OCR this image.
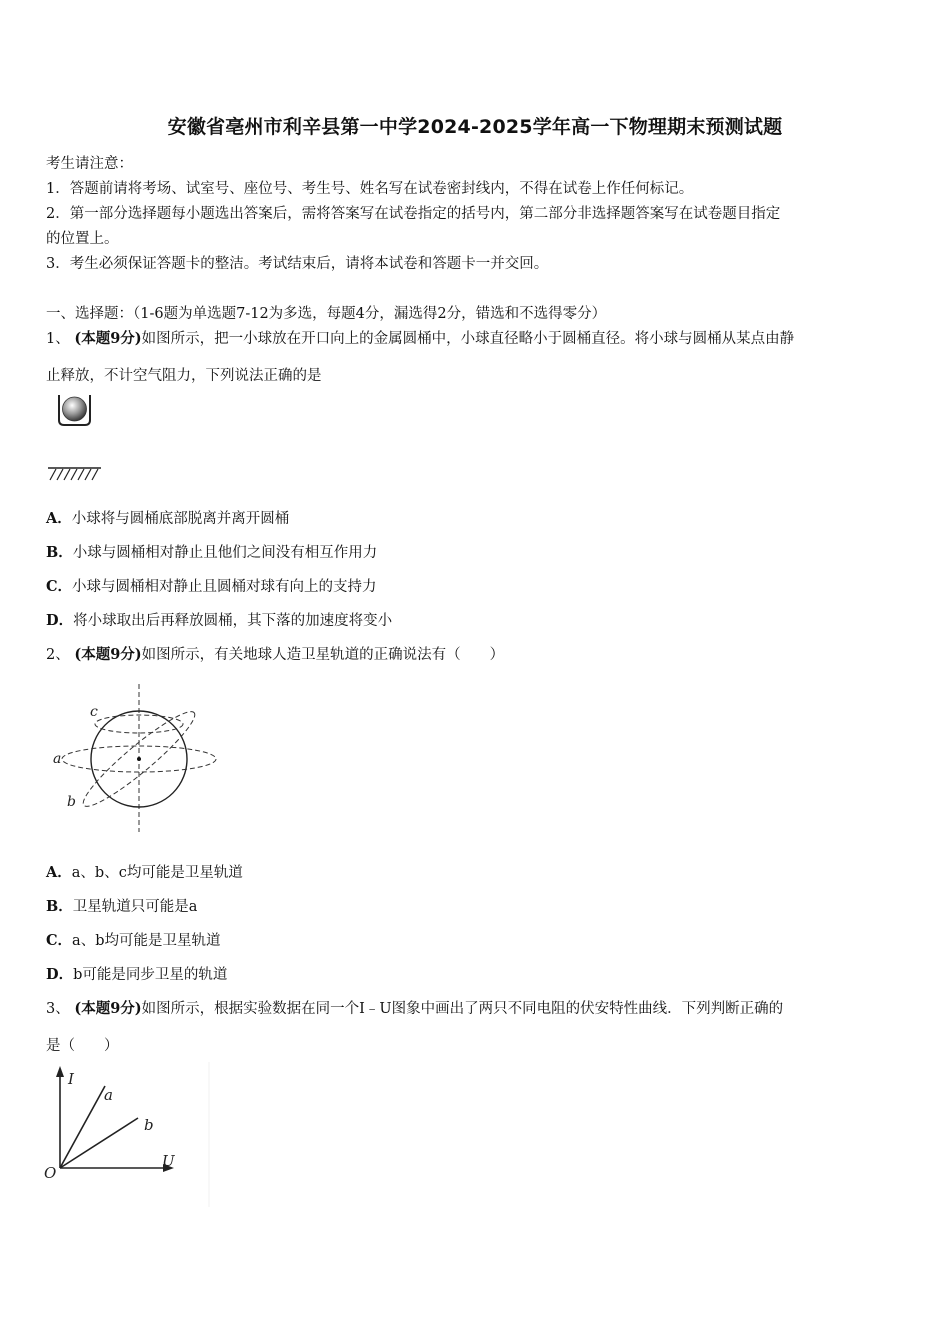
安徽省亳州市利辛县第一中学2024-2025学年高一下物理期末预测试题
考生请注意：
1．答题前请将考场、试室号、座位号、考生号、姓名写在试卷密封线内，不得在试卷上作任何标记。
2．第一部分选择题每小题选出答案后，需将答案写在试卷指定的括号内，第二部分非选择题答案写在试卷题目指定
的位置上。
3．考生必须保证答题卡的整洁。考试结束后，请将本试卷和答题卡一并交回。
一、选择题：（1-6题为单选题7-12为多选，每题4分，漏选得2分，错选和不选得零分）
1、 (本题9分)如图所示，把一小球放在开口向上的金属圆桶中，小球直径略小于圆桶直径。将小球与圆桶从某点由静
止释放，不计空气阻力，下列说法正确的是
A．小球将与圆桶底部脱离并离开圆桶
B．小球与圆桶相对静止且他们之间没有相互作用力
C．小球与圆桶相对静止且圆桶对球有向上的支持力
D．将小球取出后再释放圆桶，其下落的加速度将变小
2、 (本题9分)如图所示，有关地球人造卫星轨道的正确说法有（　　）
c
a
b
A．a、b、c均可能是卫星轨道
B．卫星轨道只可能是a
C．a、b均可能是卫星轨道
D．b可能是同步卫星的轨道
3、 (本题9分)如图所示，根据实验数据在同一个I﹣U图象中画出了两只不同电阻的伏安特性曲线．下列判断正确的
是（　　）
I
U
O
a
b
